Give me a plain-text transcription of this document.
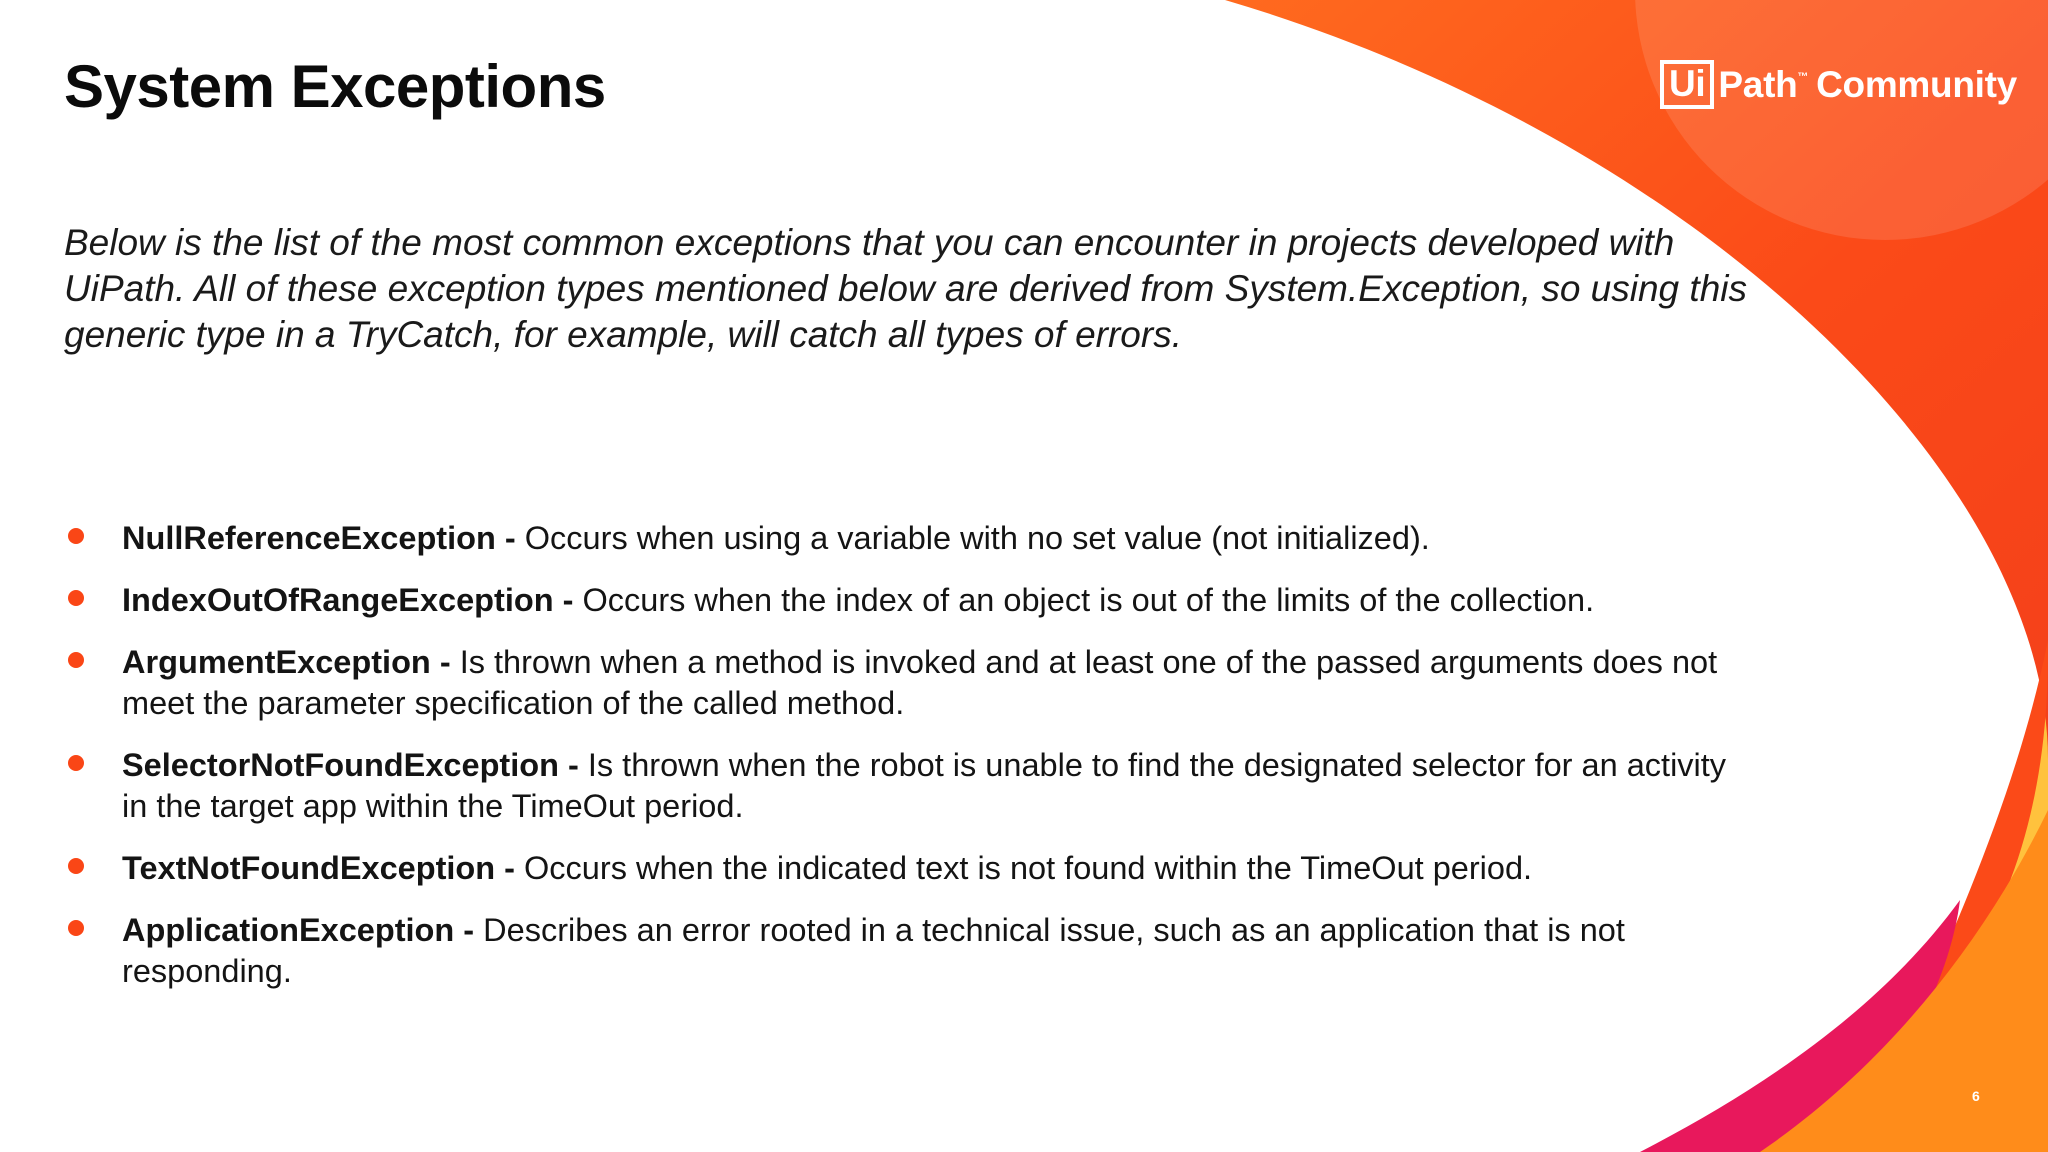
System Exceptions	Ui Path ™ Community

Below is the list of the most common exceptions that you can encounter in projects developed with UiPath. All of these exception types mentioned below are derived from System.Exception, so using this generic type in a TryCatch, for example, will catch all types of errors.

NullReferenceException - Occurs when using a variable with no set value (not initialized).
IndexOutOfRangeException - Occurs when the index of an object is out of the limits of the collection.
ArgumentException - Is thrown when a method is invoked and at least one of the passed arguments does not meet the parameter specification of the called method.
SelectorNotFoundException - Is thrown when the robot is unable to find the designated selector for an activity in the target app within the TimeOut period.
TextNotFoundException - Occurs when the indicated text is not found within the TimeOut period.
ApplicationException - Describes an error rooted in a technical issue, such as an application that is not responding.
6
